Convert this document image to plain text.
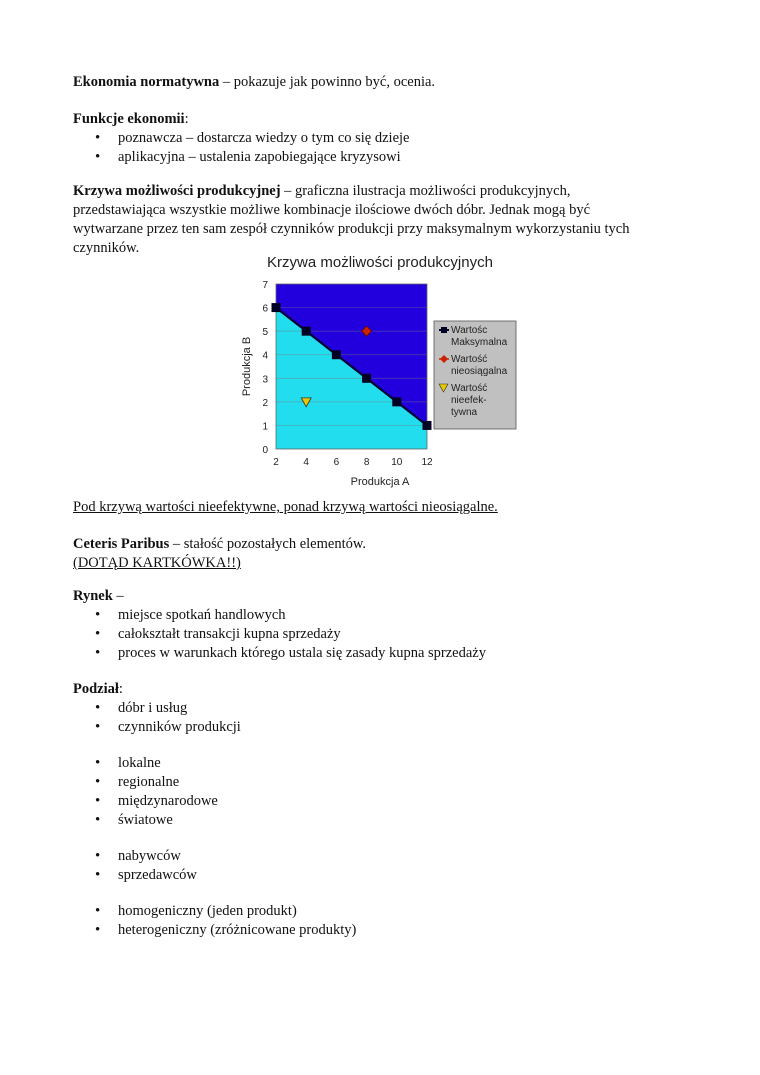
Ekonomia normatywna – pokazuje jak powinno być, ocenia.
Funkcje ekonomii:
• poznawcza – dostarcza wiedzy o tym co się dzieje
• aplikacyjna – ustalenia zapobiegające kryzysowi
Krzywa możliwości produkcyjnej – graficzna ilustracja możliwości produkcyjnych,
przedstawiająca wszystkie możliwe kombinacje ilościowe dwóch dóbr. Jednak mogą być
wytwarzane przez ten sam zespół czynników produkcji przy maksymalnym wykorzystaniu tych
czynników.
Krzywa możliwości produkcyjnych
0
1
2
3
4
5
6
7
2 4 6 8 10 12
Produkcja A
Produkcja B
Wartośc
Maksymalna
Wartość
nieosiągalna
Wartość
nieefek-
tywna
Pod krzywą wartości nieefektywne, ponad krzywą wartości nieosiągalne.
Ceteris Paribus – stałość pozostałych elementów.
(DOTĄD KARTKÓWKA!!)
Rynek –
• miejsce spotkań handlowych
• całokształt transakcji kupna sprzedaży
• proces w warunkach którego ustala się zasady kupna sprzedaży
Podział:
• dóbr i usług
• czynników produkcji
• lokalne
• regionalne
• międzynarodowe
• światowe
• nabywców
• sprzedawców
• homogeniczny (jeden produkt)
• heterogeniczny (zróżnicowane produkty)
